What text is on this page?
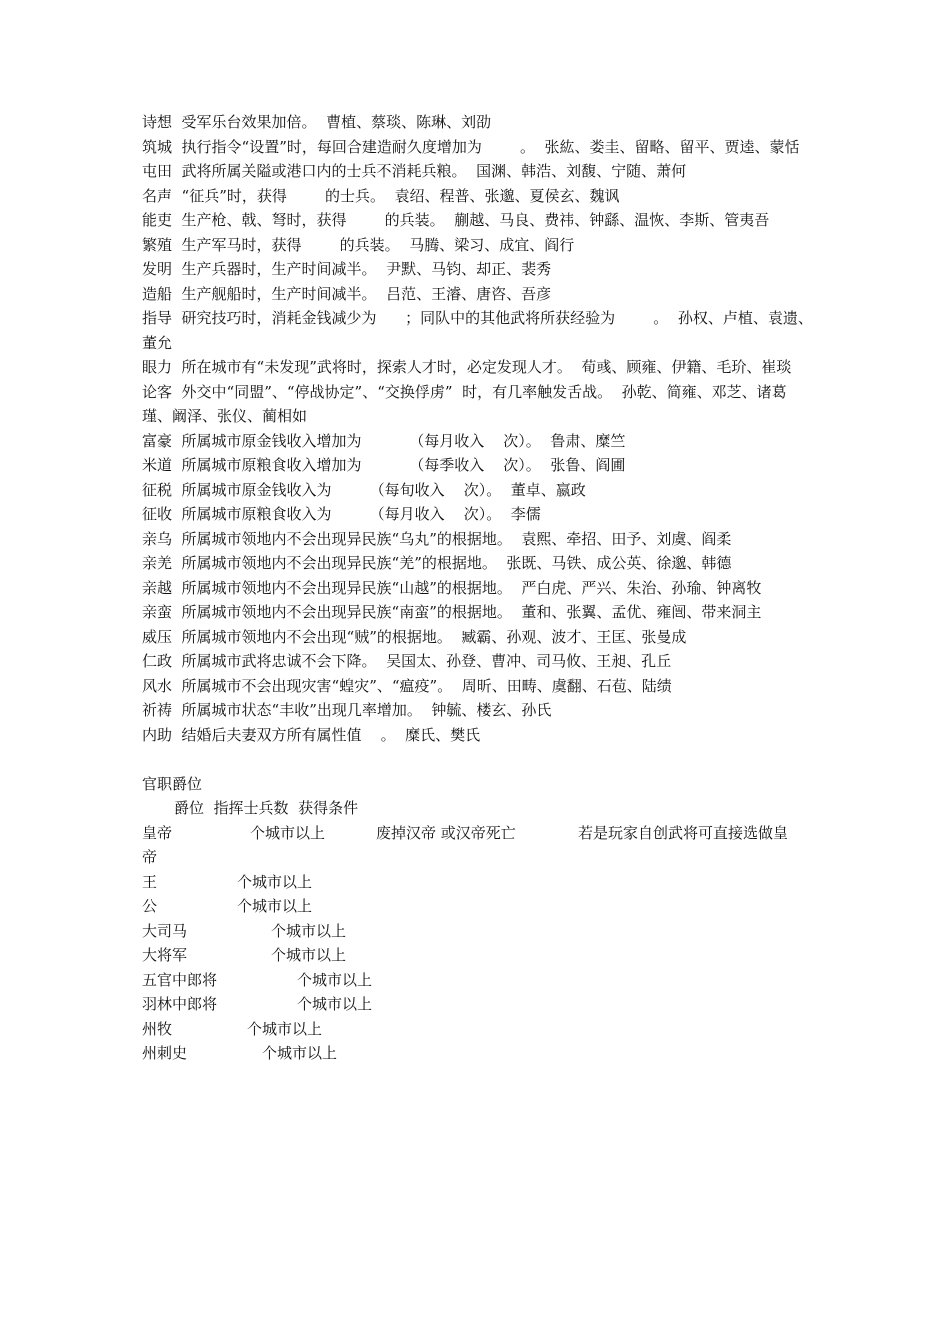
诗想  受军乐台效果加倍。  曹植、蔡琰、陈琳、刘劭

筑城  执行指令“设置”时，每回合建造耐久度增加为        。  张紘、娄圭、留略、留平、贾逵、蒙恬

屯田  武将所属关隘或港口内的士兵不消耗兵粮。  国渊、韩浩、刘馥、宁随、萧何

名声  “征兵”时，获得        的士兵。  袁绍、程普、张邈、夏侯玄、魏讽

能吏  生产枪、戟、弩时，获得        的兵装。  蒯越、马良、费祎、钟繇、温恢、李斯、管夷吾

繁殖  生产军马时，获得        的兵装。  马腾、梁习、成宜、阎行

发明  生产兵器时，生产时间减半。  尹默、马钧、却正、裴秀

造船  生产舰船时，生产时间减半。  吕范、王濬、唐咨、吾彦

指导  研究技巧时，消耗金钱减少为      ；同队中的其他武将所获经验为        。  孙权、卢植、袁遗、董允

眼力  所在城市有“未发现”武将时，探索人才时，必定发现人才。  荀彧、顾雍、伊籍、毛玠、崔琰

论客  外交中“同盟”、“停战协定”、“交换俘虏”  时，有几率触发舌战。  孙乾、简雍、邓芝、诸葛瑾、阚泽、张仪、蔺相如

富豪  所属城市原金钱收入增加为          （每月收入    次）。  鲁肃、糜竺

米道  所属城市原粮食收入增加为          （每季收入    次）。  张鲁、阎圃

征税  所属城市原金钱收入为        （每旬收入    次）。  董卓、嬴政

征收  所属城市原粮食收入为        （每月收入    次）。  李儒

亲乌  所属城市领地内不会出现异民族“乌丸”的根据地。  袁熙、牵招、田予、刘虞、阎柔

亲羌  所属城市领地内不会出现异民族“羌”的根据地。  张既、马铁、成公英、徐邈、韩德

亲越  所属城市领地内不会出现异民族“山越”的根据地。  严白虎、严兴、朱治、孙瑜、钟离牧

亲蛮  所属城市领地内不会出现异民族“南蛮”的根据地。  董和、张翼、孟优、雍闿、带来洞主

威压  所属城市领地内不会出现“贼”的根据地。  臧霸、孙观、波才、王匡、张曼成

仁政  所属城市武将忠诚不会下降。  吴国太、孙登、曹冲、司马攸、王昶、孔丘

风水  所属城市不会出现灾害“蝗灾”、“瘟疫”。  周昕、田畴、虞翻、石苞、陆绩

祈祷  所属城市状态“丰收”出现几率增加。  钟毓、楼玄、孙氏

内助  结婚后夫妻双方所有属性值    。  糜氏、樊氏

官职爵位

爵位  指挥士兵数  获得条件

皇帝	个城市以上	废掉汉帝 或汉帝死亡	若是玩家自创武将可直接选做皇

帝

王	个城市以上
公	个城市以上
大司马	个城市以上
大将军	个城市以上
五官中郎将	个城市以上
羽林中郎将	个城市以上
州牧	个城市以上
州刺史	个城市以上
